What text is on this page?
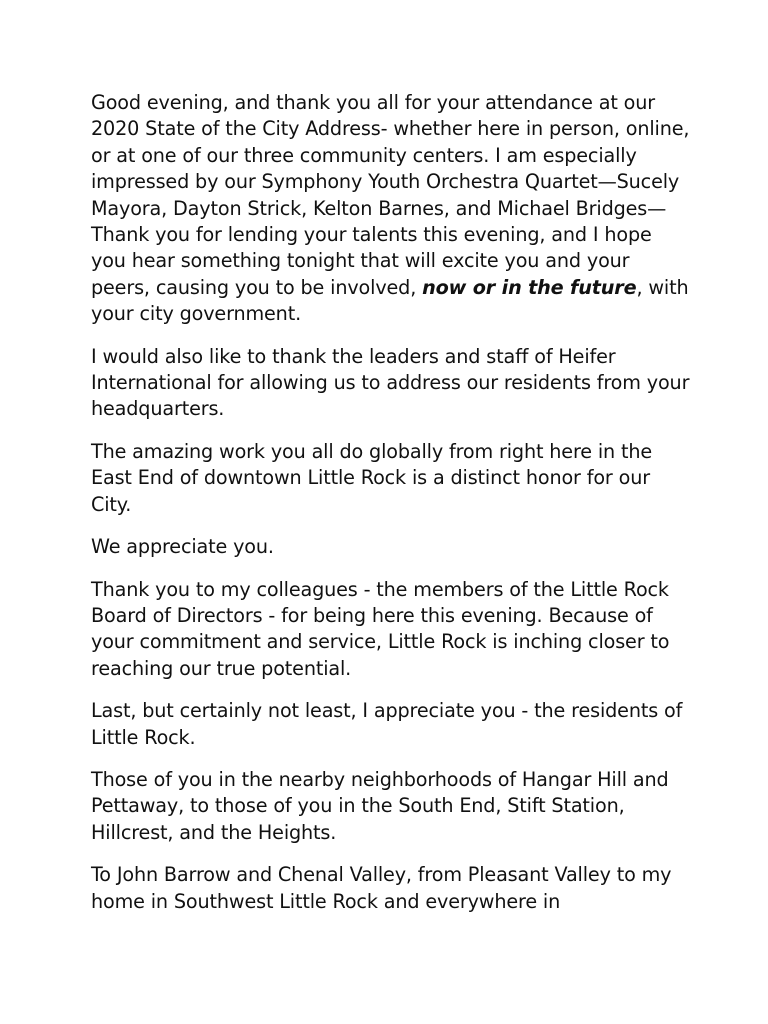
Good evening, and thank you all for your attendance at our 2020 State of the City Address- whether here in person, online, or at one of our three community centers. I am especially impressed by our Symphony Youth Orchestra Quartet—Sucely Mayora, Dayton Strick, Kelton Barnes, and Michael Bridges—Thank you for lending your talents this evening, and I hope you hear something tonight that will excite you and your peers, causing you to be involved, now or in the future, with your city government.

I would also like to thank the leaders and staff of Heifer International for allowing us to address our residents from your headquarters.

The amazing work you all do globally from right here in the East End of downtown Little Rock is a distinct honor for our City.

We appreciate you.

Thank you to my colleagues - the members of the Little Rock Board of Directors - for being here this evening. Because of your commitment and service, Little Rock is inching closer to reaching our true potential.

Last, but certainly not least, I appreciate you - the residents of Little Rock.

Those of you in the nearby neighborhoods of Hangar Hill and Pettaway, to those of you in the South End, Stift Station, Hillcrest, and the Heights.

To John Barrow and Chenal Valley, from Pleasant Valley to my home in Southwest Little Rock and everywhere in
